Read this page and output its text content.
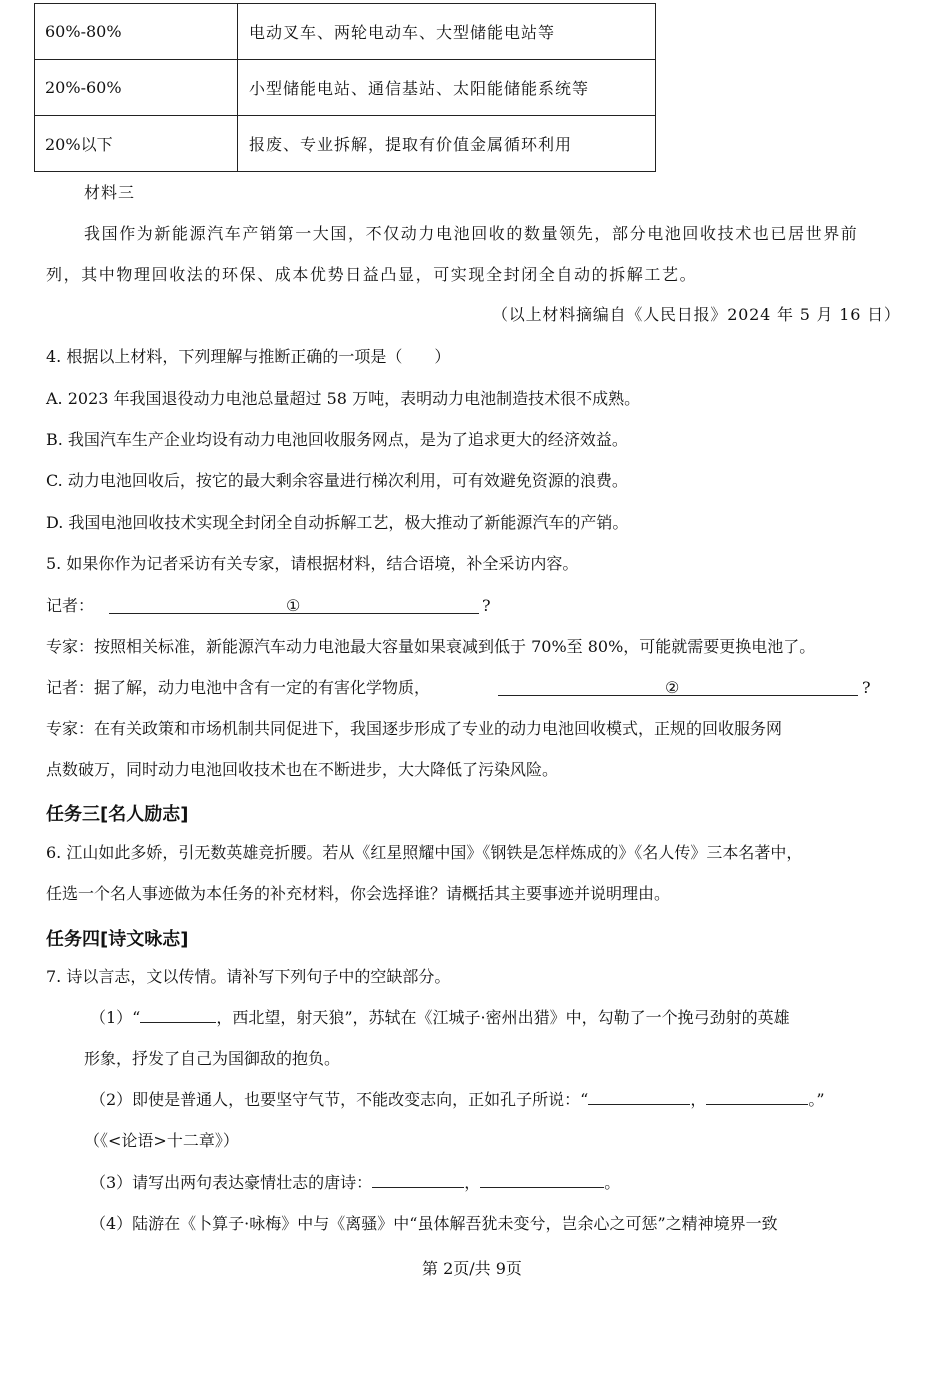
60%-80%	电动叉车、两轮电动车、大型储能电站等
20%-60%	小型储能电站、通信基站、太阳能储能系统等
20%以下	报废、专业拆解，提取有价值金属循环利用
材料三
我国作为新能源汽车产销第一大国，不仅动力电池回收的数量领先，部分电池回收技术也已居世界前
列，其中物理回收法的环保、成本优势日益凸显，可实现全封闭全自动的拆解工艺。
（以上材料摘编自《人民日报》2024 年 5 月 16 日）
4. 根据以上材料，下列理解与推断正确的一项是（　　）
A. 2023 年我国退役动力电池总量超过 58 万吨，表明动力电池制造技术很不成熟。
B. 我国汽车生产企业均设有动力电池回收服务网点，是为了追求更大的经济效益。
C. 动力电池回收后，按它的最大剩余容量进行梯次利用，可有效避免资源的浪费。
D. 我国电池回收技术实现全封闭全自动拆解工艺，极大推动了新能源汽车的产销。
5. 如果你作为记者采访有关专家，请根据材料，结合语境，补全采访内容。
记者：	①	?
专家：按照相关标准，新能源汽车动力电池最大容量如果衰减到低于 70%至 80%，可能就需要更换电池了。
记者：据了解，动力电池中含有一定的有害化学物质，	②	?
专家：在有关政策和市场机制共同促进下，我国逐步形成了专业的动力电池回收模式，正规的回收服务网
点数破万，同时动力电池回收技术也在不断进步，大大降低了污染风险。
任务三[名人励志]
6. 江山如此多娇，引无数英雄竞折腰。若从《红星照耀中国》《钢铁是怎样炼成的》《名人传》三本名著中，
任选一个名人事迹做为本任务的补充材料，你会选择谁？请概括其主要事迹并说明理由。
任务四[诗文咏志]
7. 诗以言志，文以传情。请补写下列句子中的空缺部分。
（1）“	，西北望，射天狼”，苏轼在《江城子·密州出猎》中，勾勒了一个挽弓劲射的英雄
形象，抒发了自己为国御敌的抱负。
（2）即使是普通人，也要坚守气节，不能改变志向，正如孔子所说：“	，	。”
（《<论语>十二章》）
（3）请写出两句表达豪情壮志的唐诗：	，	。
（4）陆游在《卜算子·咏梅》中与《离骚》中“虽体解吾犹未变兮，岂余心之可惩”之精神境界一致
第 2页/共 9页
